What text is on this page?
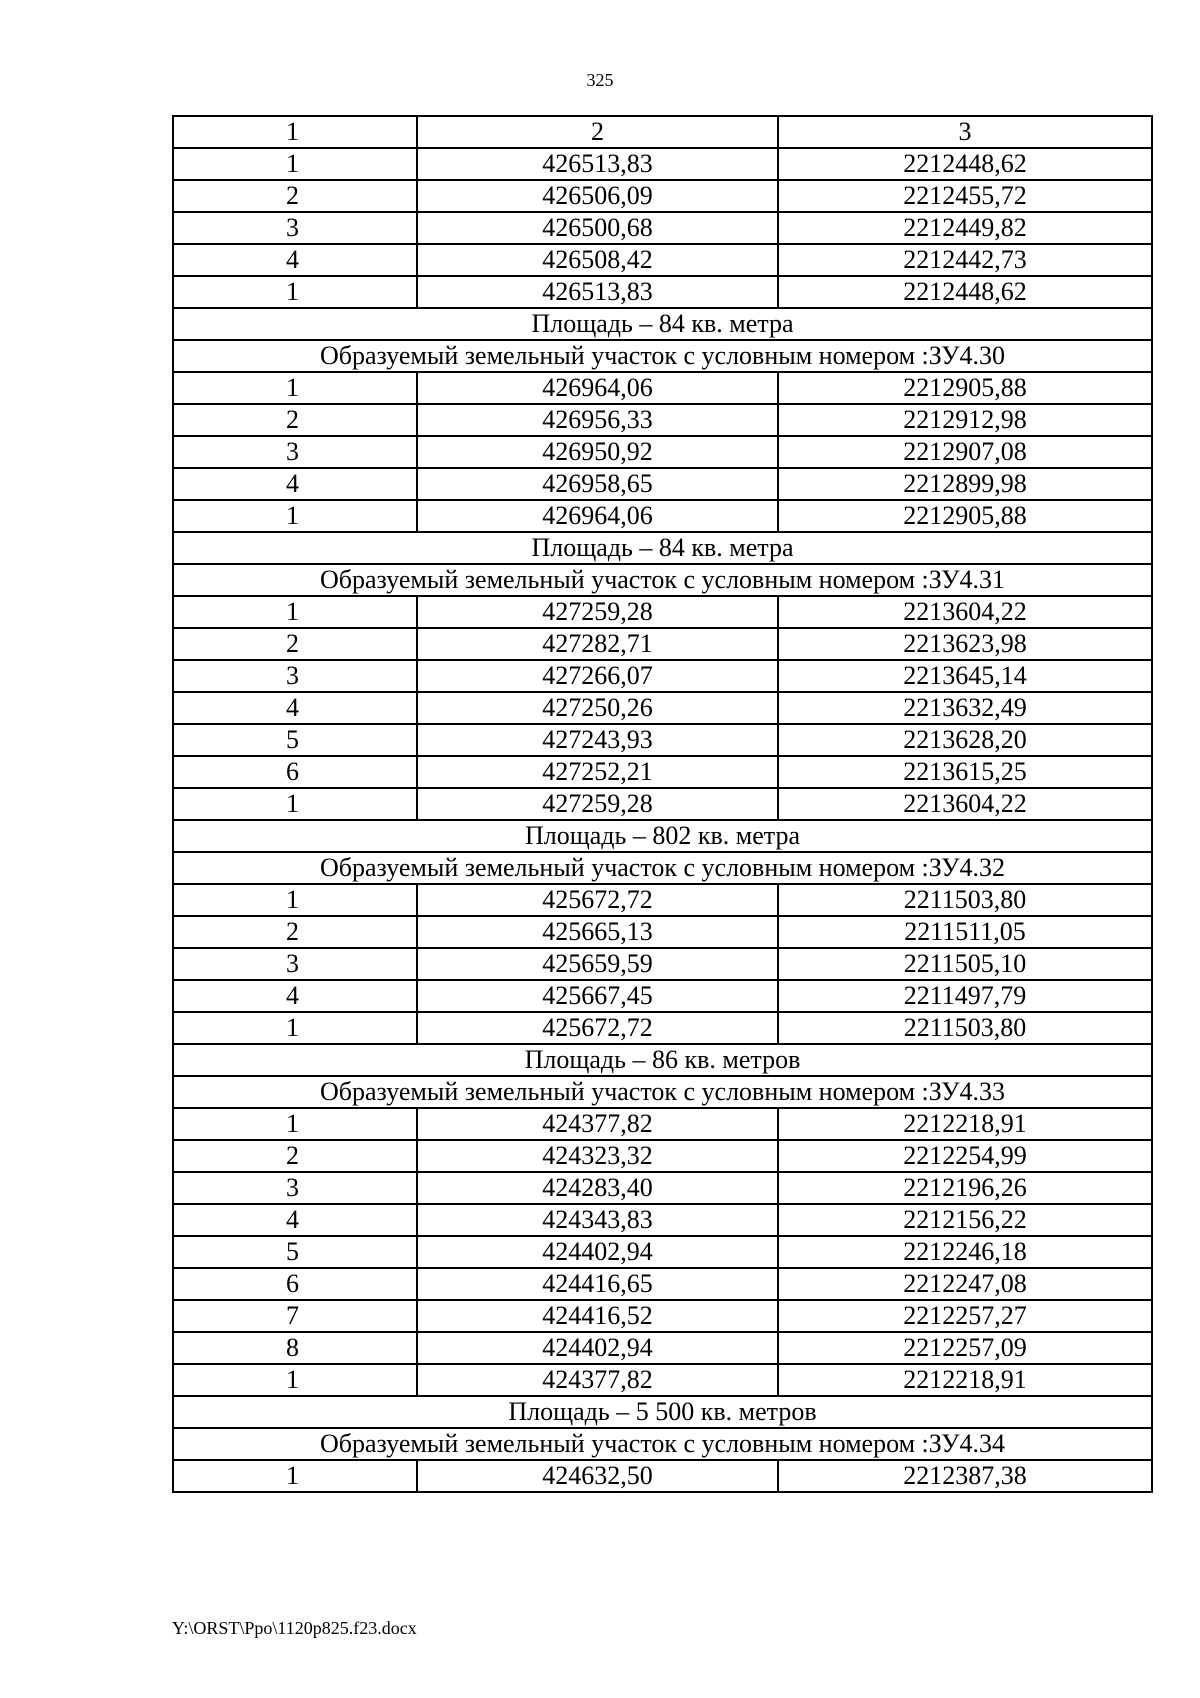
325
1	2	3
1	426513,83	2212448,62
2	426506,09	2212455,72
3	426500,68	2212449,82
4	426508,42	2212442,73
1	426513,83	2212448,62
Площадь – 84 кв. метра		
Образуемый земельный участок с условным номером :ЗУ4.30		
1	426964,06	2212905,88
2	426956,33	2212912,98
3	426950,92	2212907,08
4	426958,65	2212899,98
1	426964,06	2212905,88
Площадь – 84 кв. метра		
Образуемый земельный участок с условным номером :ЗУ4.31		
1	427259,28	2213604,22
2	427282,71	2213623,98
3	427266,07	2213645,14
4	427250,26	2213632,49
5	427243,93	2213628,20
6	427252,21	2213615,25
1	427259,28	2213604,22
Площадь – 802 кв. метра		
Образуемый земельный участок с условным номером :ЗУ4.32		
1	425672,72	2211503,80
2	425665,13	2211511,05
3	425659,59	2211505,10
4	425667,45	2211497,79
1	425672,72	2211503,80
Площадь – 86 кв. метров		
Образуемый земельный участок с условным номером :ЗУ4.33		
1	424377,82	2212218,91
2	424323,32	2212254,99
3	424283,40	2212196,26
4	424343,83	2212156,22
5	424402,94	2212246,18
6	424416,65	2212247,08
7	424416,52	2212257,27
8	424402,94	2212257,09
1	424377,82	2212218,91
Площадь – 5 500 кв. метров		
Образуемый земельный участок с условным номером :ЗУ4.34		
1	424632,50	2212387,38
Y:\ORST\Ppo\1120p825.f23.docx
